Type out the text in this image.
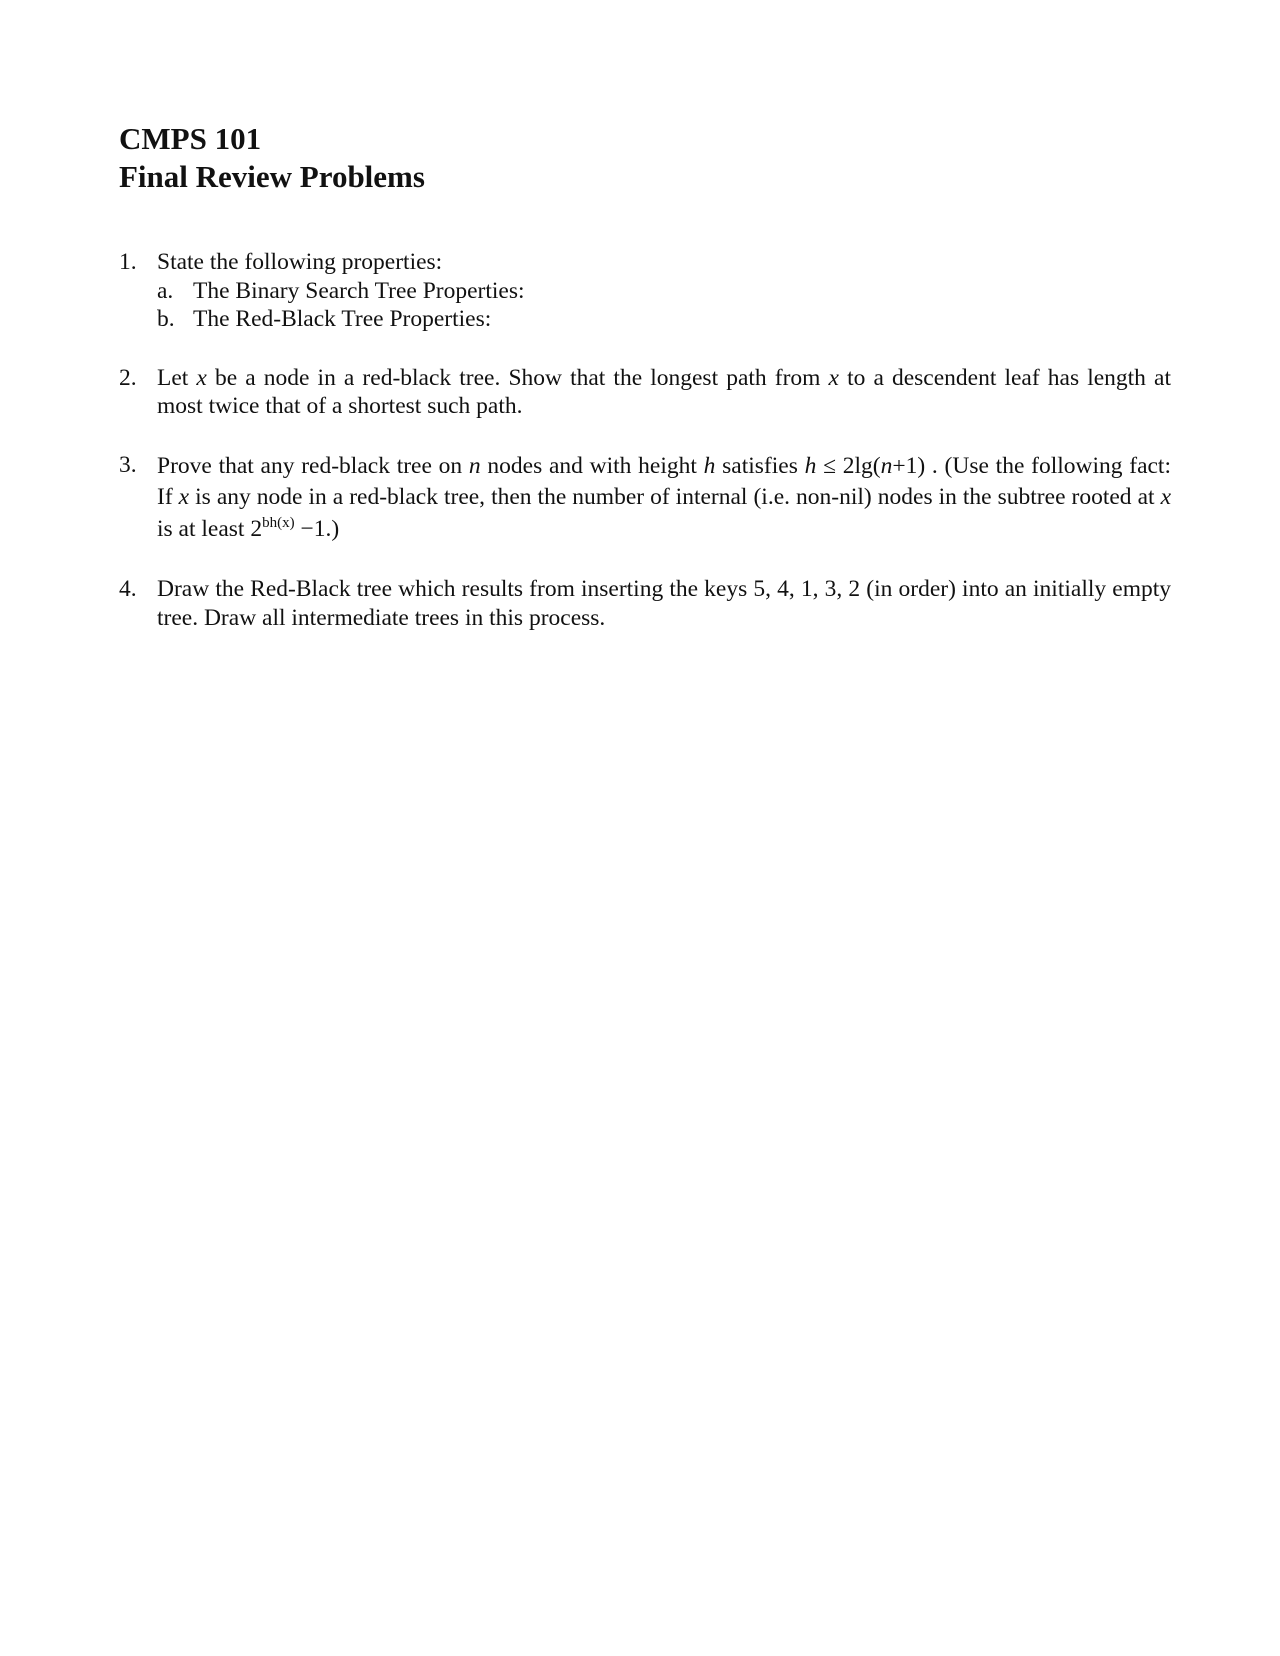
CMPS 101
Final Review Problems
1. State the following properties:
a. The Binary Search Tree Properties:
b. The Red-Black Tree Properties:
2. Let x be a node in a red-black tree. Show that the longest path from x to a descendent leaf has length at most twice that of a shortest such path.
3. Prove that any red-black tree on n nodes and with height h satisfies h ≤ 2lg(n+1) . (Use the following fact: If x is any node in a red-black tree, then the number of internal (i.e. non-nil) nodes in the subtree rooted at x is at least $2^{bh(x)} -1$.)
4. Draw the Red-Black tree which results from inserting the keys 5, 4, 1, 3, 2 (in order) into an initially empty tree. Draw all intermediate trees in this process.
